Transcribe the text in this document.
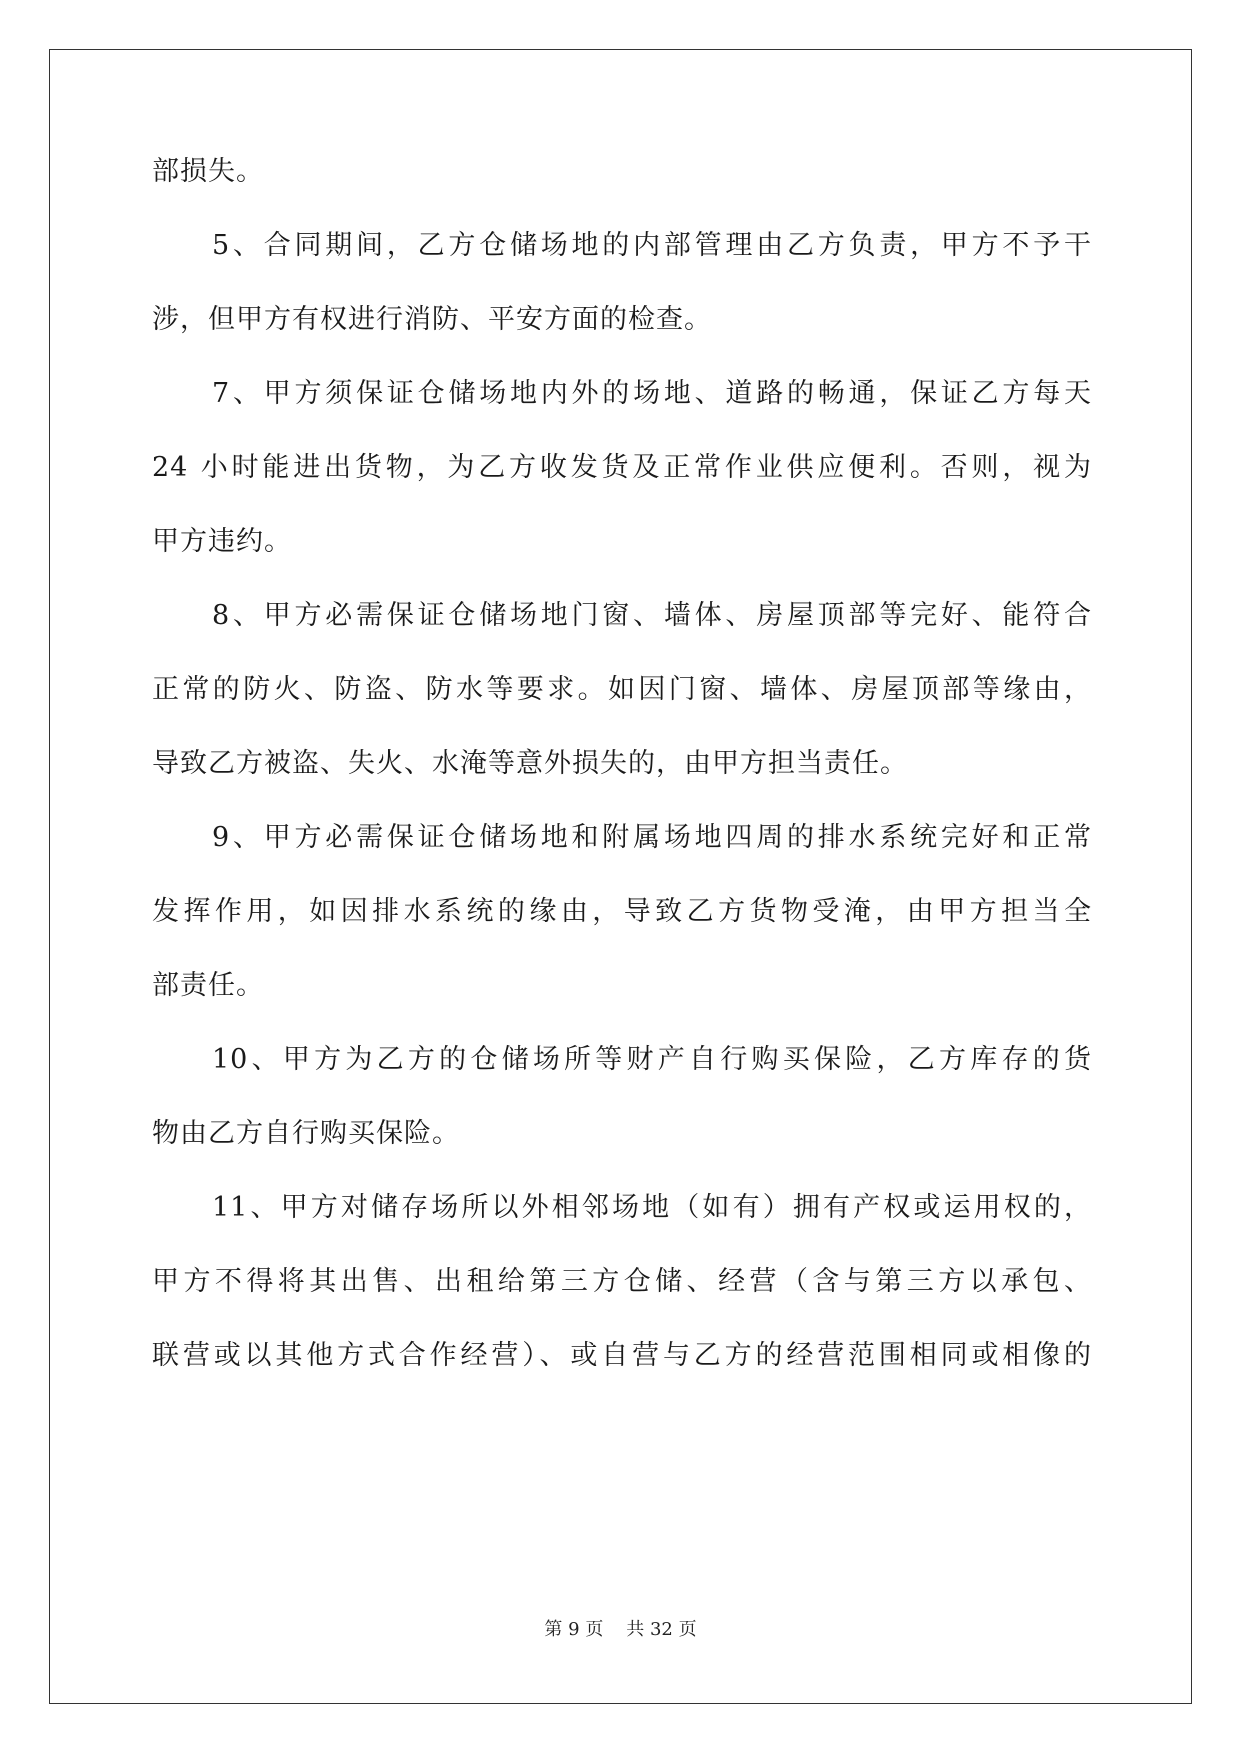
部损失。
5、合同期间，乙方仓储场地的内部管理由乙方负责，甲方不予干
涉，但甲方有权进行消防、平安方面的检查。
7、甲方须保证仓储场地内外的场地、道路的畅通，保证乙方每天
24 小时能进出货物，为乙方收发货及正常作业供应便利。否则，视为
甲方违约。
8、甲方必需保证仓储场地门窗、墙体、房屋顶部等完好、能符合
正常的防火、防盗、防水等要求。如因门窗、墙体、房屋顶部等缘由，
导致乙方被盗、失火、水淹等意外损失的，由甲方担当责任。
9、甲方必需保证仓储场地和附属场地四周的排水系统完好和正常
发挥作用，如因排水系统的缘由，导致乙方货物受淹，由甲方担当全
部责任。
10、甲方为乙方的仓储场所等财产自行购买保险，乙方库存的货
物由乙方自行购买保险。
11、甲方对储存场所以外相邻场地（如有）拥有产权或运用权的，
甲方不得将其出售、出租给第三方仓储、经营（含与第三方以承包、
联营或以其他方式合作经营）、或自营与乙方的经营范围相同或相像的
第 9 页 共 32 页
